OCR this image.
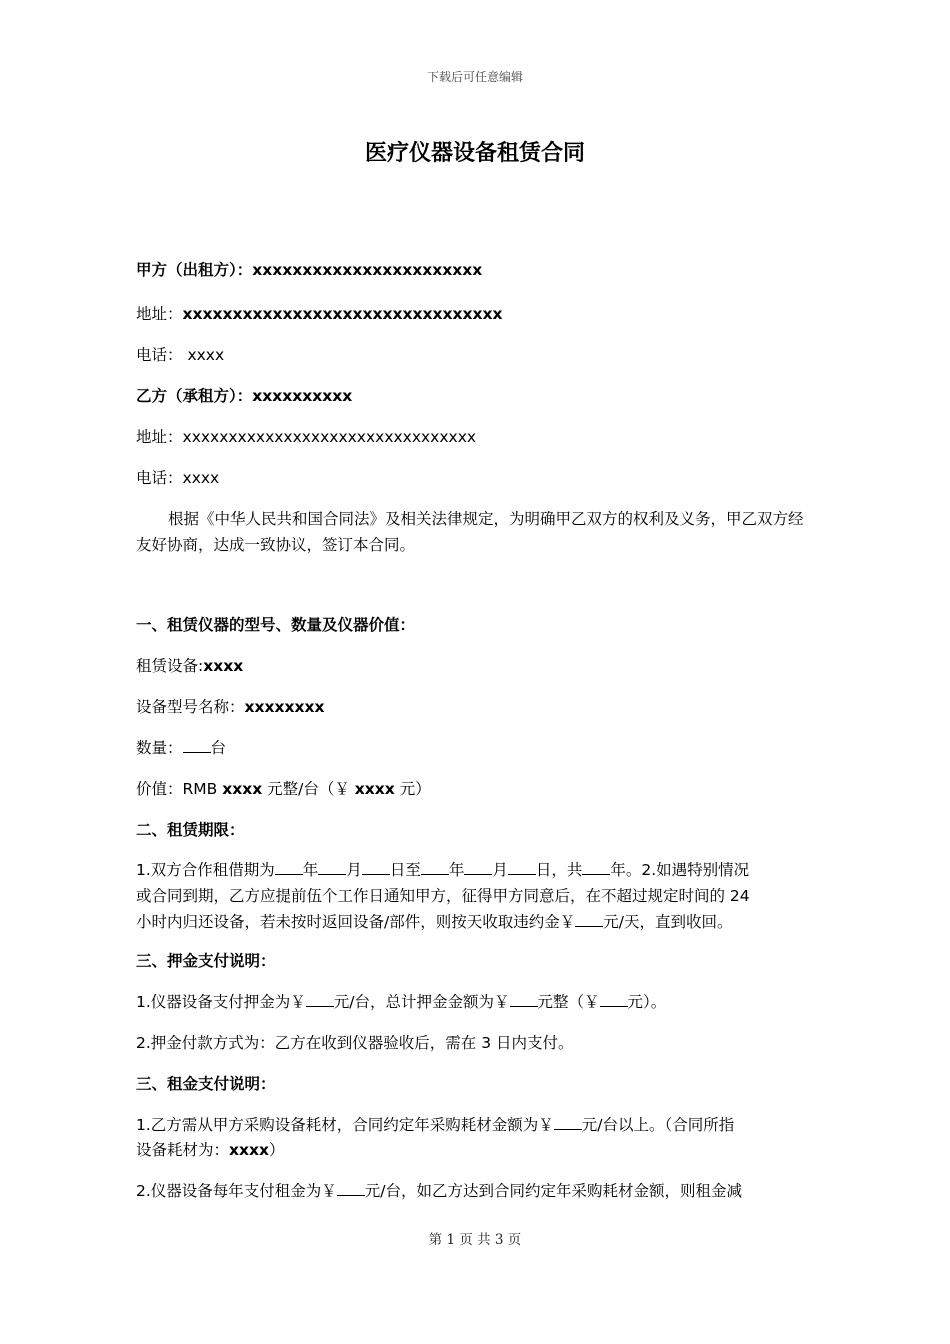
下载后可任意编辑
医疗仪器设备租赁合同
甲方（出租方）：xxxxxxxxxxxxxxxxxxxxxxx
地址：xxxxxxxxxxxxxxxxxxxxxxxxxxxxxxxx
电话： xxxx
乙方（承租方）：xxxxxxxxxx
地址：xxxxxxxxxxxxxxxxxxxxxxxxxxxxxxxx
电话：xxxx
根据《中华人民共和国合同法》及相关法律规定，为明确甲乙双方的权利及义务，甲乙双方经友好协商，达成一致协议，签订本合同。
一、租赁仪器的型号、数量及仪器价值：
租赁设备:xxxx
设备型号名称：xxxxxxxx
数量： 台
价值：RMB xxxx 元整/台（￥ xxxx 元）
二、租赁期限：
1.双方合作租借期为 年 月 日至 年 月 日，共 年。2.如遇特别情况
或合同到期，乙方应提前伍个工作日通知甲方，征得甲方同意后，在不超过规定时间的 24
小时内归还设备，若未按时返回设备/部件，则按天收取违约金￥ 元/天，直到收回。
三、押金支付说明：
1.仪器设备支付押金为￥ 元/台，总计押金金额为￥ 元整（￥ 元）。
2.押金付款方式为：乙方在收到仪器验收后，需在 3 日内支付。
三、租金支付说明：
1.乙方需从甲方采购设备耗材，合同约定年采购耗材金额为￥ 元/台以上。（合同所指
设备耗材为：xxxx）
2.仪器设备每年支付租金为￥ 元/台，如乙方达到合同约定年采购耗材金额，则租金减
第 1 页 共 3 页
